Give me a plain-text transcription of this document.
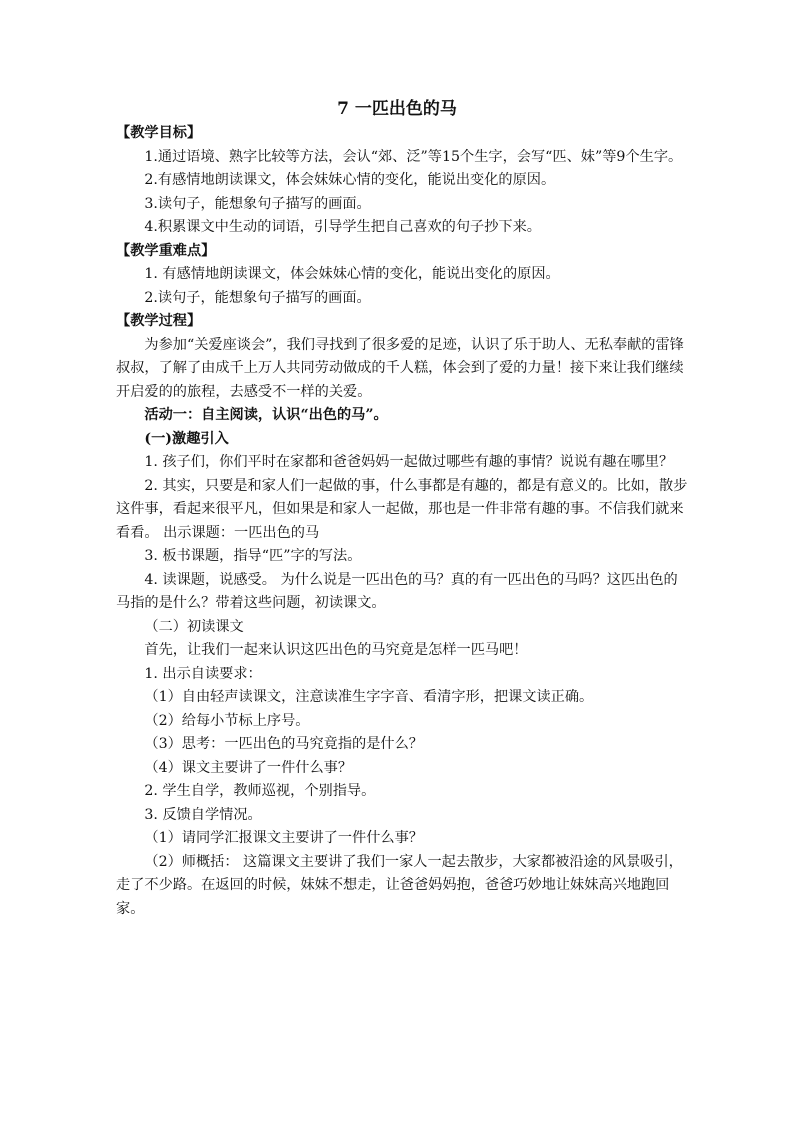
7 一匹出色的马

【教学目标】

1.通过语境、熟字比较等方法，会认“郊、泛”等15个生字，会写“匹、妹”等9个生字。

2.有感情地朗读课文，体会妹妹心情的变化，能说出变化的原因。

3.读句子，能想象句子描写的画面。

4.积累课文中生动的词语，引导学生把自己喜欢的句子抄下来。

【教学重难点】

1. 有感情地朗读课文，体会妹妹心情的变化，能说出变化的原因。

2.读句子，能想象句子描写的画面。

【教学过程】

为参加“关爱座谈会”，我们寻找到了很多爱的足迹，认识了乐于助人、无私奉献的雷锋叔叔，了解了由成千上万人共同劳动做成的千人糕，体会到了爱的力量！接下来让我们继续开启爱的的旅程，去感受不一样的关爱。

活动一：自主阅读，认识“出色的马”。

(一)激趣引入

1. 孩子们，你们平时在家都和爸爸妈妈一起做过哪些有趣的事情？说说有趣在哪里？

2. 其实，只要是和家人们一起做的事，什么事都是有趣的，都是有意义的。比如，散步这件事，看起来很平凡，但如果是和家人一起做，那也是一件非常有趣的事。不信我们就来看看。 出示课题：一匹出色的马

3. 板书课题，指导“匹”字的写法。

4. 读课题，说感受。 为什么说是一匹出色的马？真的有一匹出色的马吗？这匹出色的马指的是什么？带着这些问题，初读课文。

（二）初读课文

首先，让我们一起来认识这匹出色的马究竟是怎样一匹马吧！

1. 出示自读要求：

（1）自由轻声读课文，注意读准生字字音、看清字形，把课文读正确。

（2）给每小节标上序号。

（3）思考：一匹出色的马究竟指的是什么？

（4）课文主要讲了一件什么事？

2. 学生自学，教师巡视，个别指导。

3. 反馈自学情况。

（1）请同学汇报课文主要讲了一件什么事？

（2）师概括： 这篇课文主要讲了我们一家人一起去散步，大家都被沿途的风景吸引，走了不少路。在返回的时候，妹妹不想走，让爸爸妈妈抱，爸爸巧妙地让妹妹高兴地跑回家。
